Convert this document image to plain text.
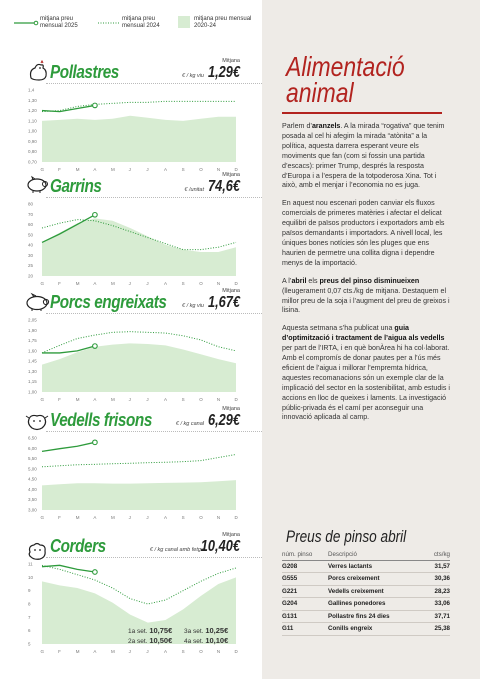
mitjana preu mensual 2025
mitjana preu mensual 2024
mitjana preu mensual 2020-24
Pollastres	€ / kg viu
Mitjana
1,29€
1,4
1,30
1,20
1,10
1,00
0,90
0,80
0,70
G	F	M	A	M	J	J	A	S	O	N	D
Garrins	€ /unitat
Mitjana
74,6€
80
70
60
50
40
30
25
20
G	F	M	A	M	J	J	A	S	O	N	D
Porcs engreixats	€ / kg viu
Mitjana
1,67€
2,05
1,90
1,75
1,60
1,45
1,30
1,15
1,00
G	F	M	A	M	J	J	A	S	O	N	D
Vedells frisons	€ / kg canal
Mitjana
6,29€
6,50
6,00
5,50
5,00
4,50
4,00
3,50
3,00
G	F	M	A	M	J	J	A	S	O	N	D
Corders	€ / kg canal amb fetge
Mitjana
10,40€
11
10
9
8
7
6
5
G	F	M	A	M	J	J	A	S	O	N	D
1a set. 10,75€
2a set. 10,50€
3a set. 10,25€
4a set. 10,10€
Alimentació
animal

Parlem d’aranzels. A la mirada “rogativa” que tenim posada al cel hi afegim la mirada “atònita” a la política, aquesta darrera esperant veure els moviments que fan (com si fossin una partida d’escacs): primer Trump, després la resposta d’Europa i a l’espera de la totpoderosa Xina. Tot i això, amb el menjar i l’economia no es juga.

En aquest nou escenari poden canviar els fluxos comercials de primeres matèries i afectar el delicat equilibri de països productors i exportadors amb els països demandants i importadors. A nivell local, les úniques bones notícies són les pluges que ens haurien de permetre una collita digna i dependre menys de la importació.

A l’abril els preus del pinso disminueixen (lleugerament 0,07 cts./kg de mitjana. Destaquem el millor preu de la soja i l’augment del preu de greixos i lisina.

Aquesta setmana s’ha publicat una guia d’optimització i tractament de l’aigua als vedells per part de l’IRTA, i en què bonÀrea hi ha col·laborat. Amb el compromís de donar pautes per a l’ús més eficient de l’aigua i millorar l’empremta hídrica, aquestes recomanacions són un exemple clar de la implicació del sector en la sostenibilitat, amb estudis i accions en lloc de queixes i laments. La investigació públic-privada és el camí per aconseguir una innovació aplicada al camp.

Preus de pinso abril
núm. pinso	Descripció	cts/kg
G208	Verres lactants	31,57
G555	Porcs creixement	30,36
G221	Vedells creixement	28,23
G204	Gallines ponedores	33,06
G131	Pollastre fins 24 dies	37,71
G11	Conills engreix	25,38
